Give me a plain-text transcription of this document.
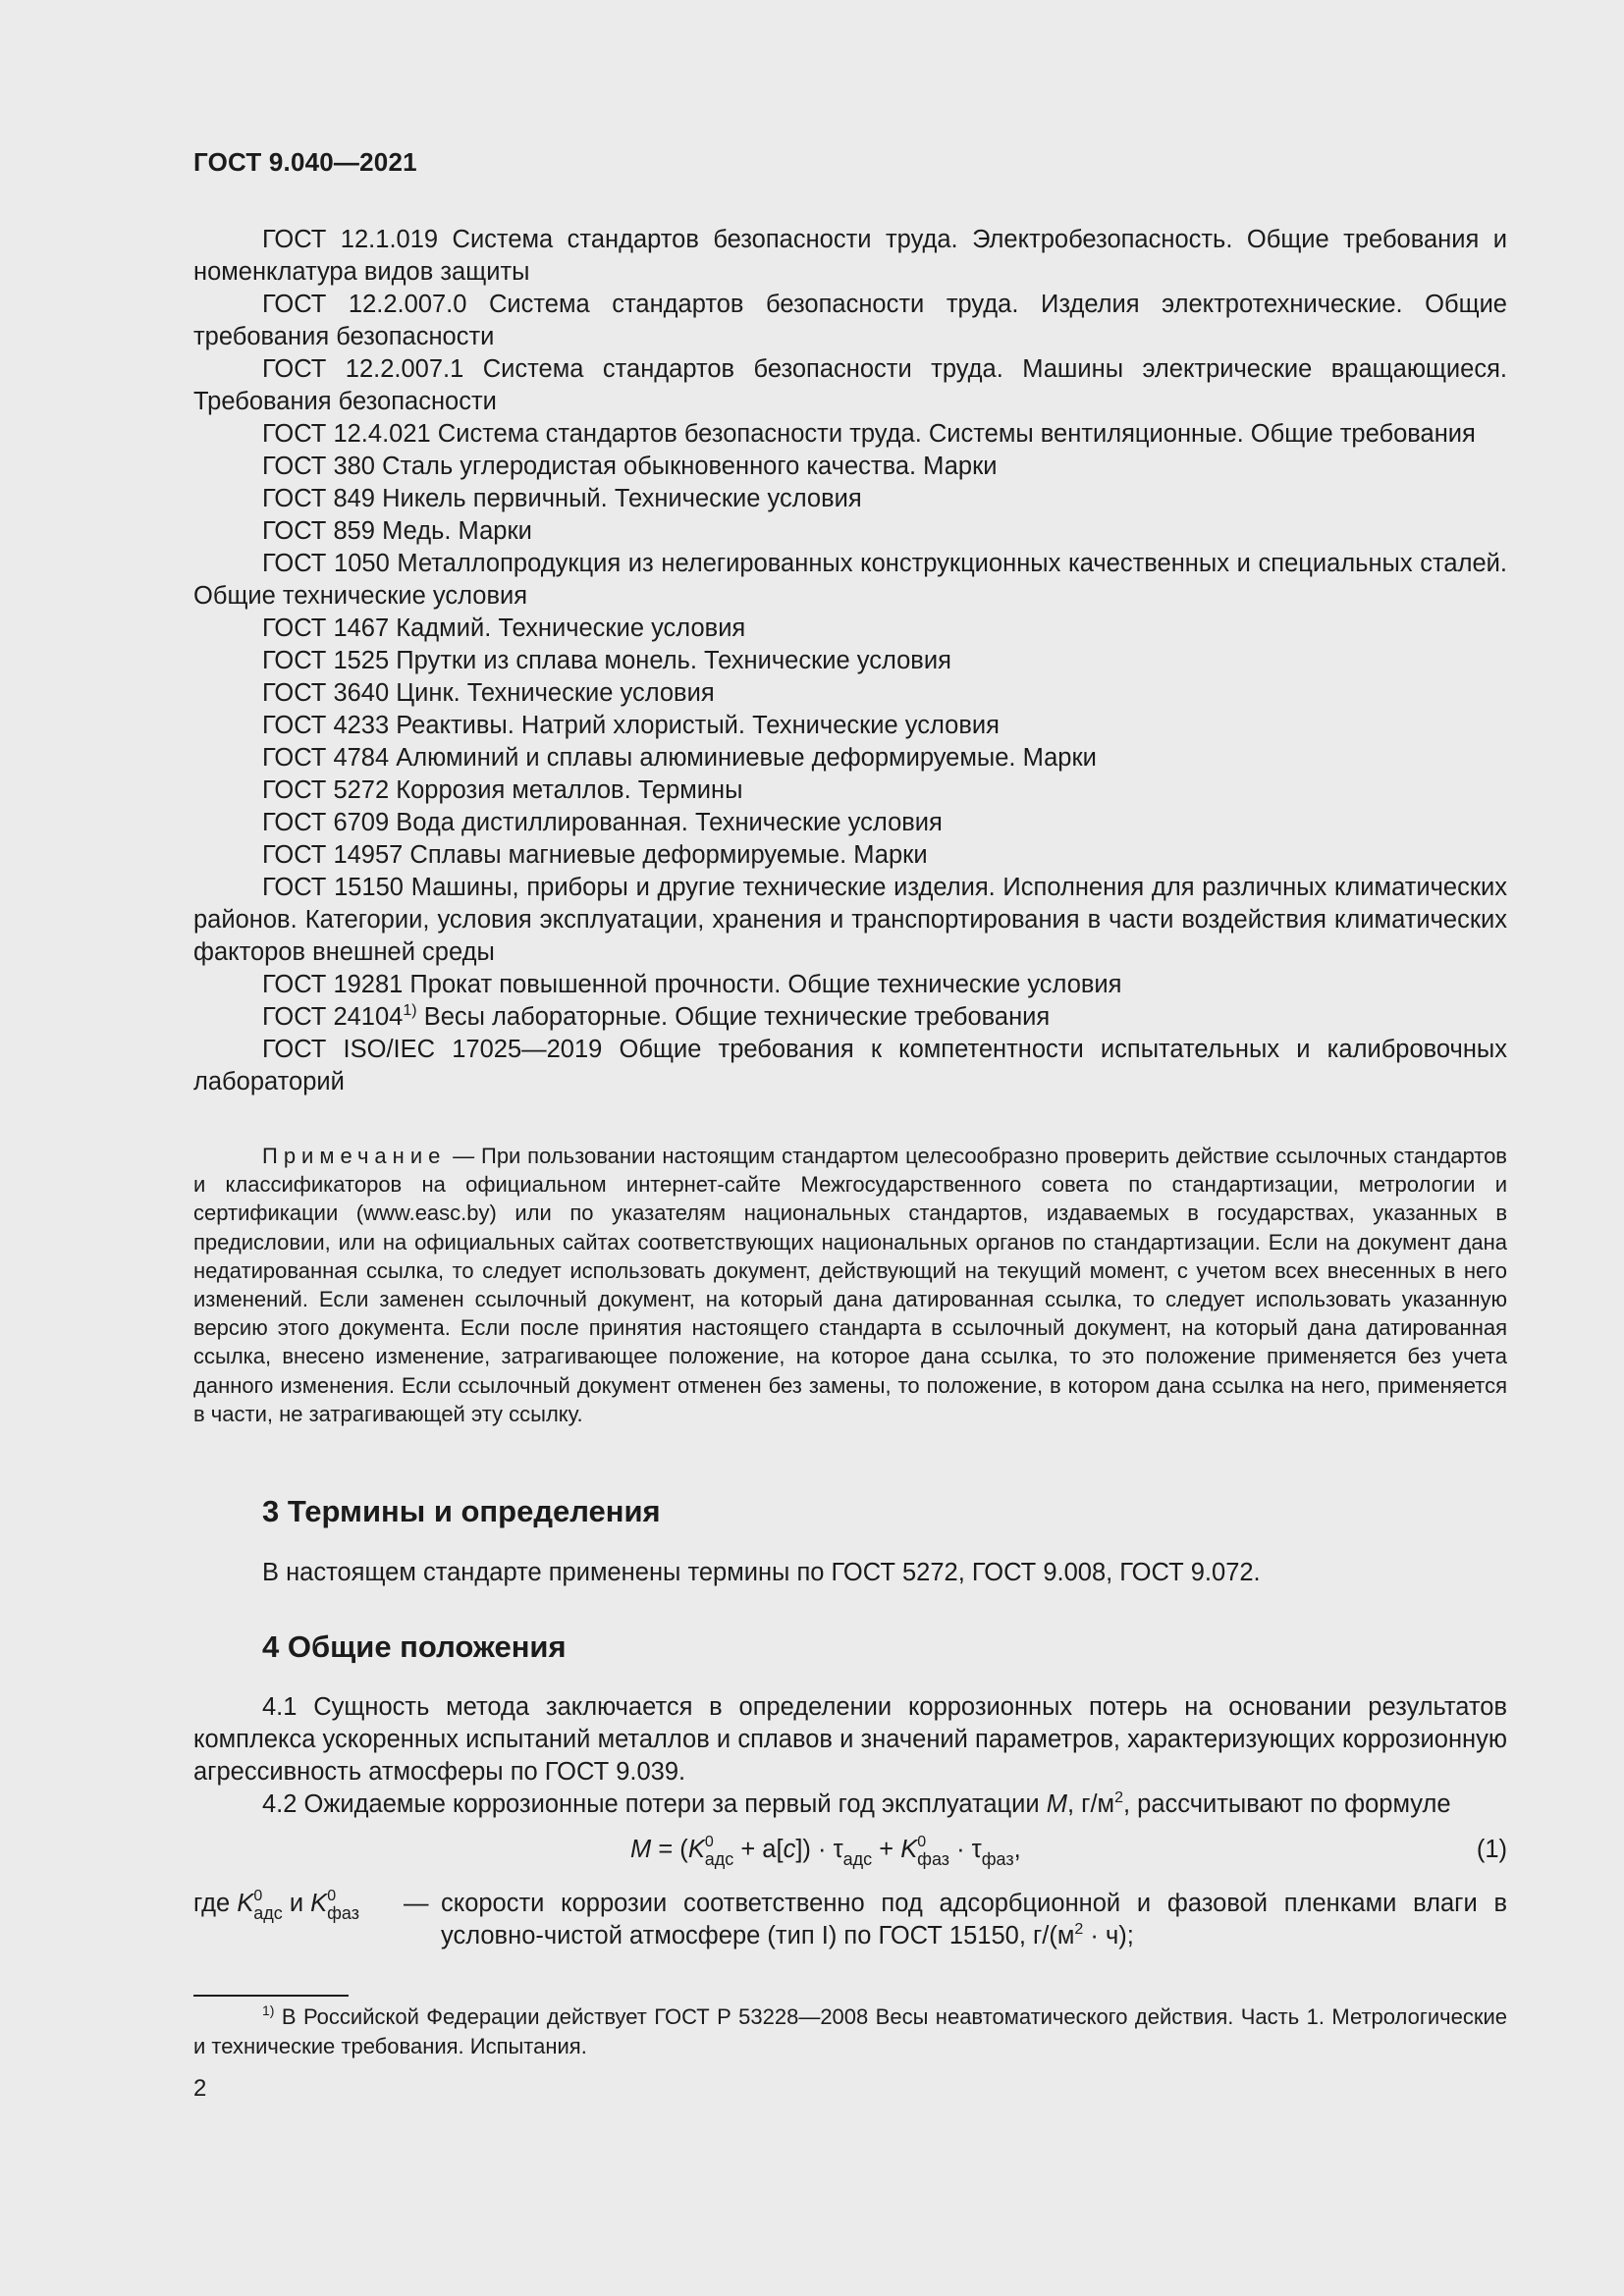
ГОСТ 9.040—2021

ГОСТ 12.1.019 Система стандартов безопасности труда. Электробезопасность. Общие требования и номенклатура видов защиты

ГОСТ 12.2.007.0 Система стандартов безопасности труда. Изделия электротехнические. Общие требования безопасности

ГОСТ 12.2.007.1 Система стандартов безопасности труда. Машины электрические вращающиеся. Требования безопасности

ГОСТ 12.4.021 Система стандартов безопасности труда. Системы вентиляционные. Общие требования

ГОСТ 380 Сталь углеродистая обыкновенного качества. Марки

ГОСТ 849 Никель первичный. Технические условия

ГОСТ 859 Медь. Марки

ГОСТ 1050 Металлопродукция из нелегированных конструкционных качественных и специальных сталей. Общие технические условия

ГОСТ 1467 Кадмий. Технические условия

ГОСТ 1525 Прутки из сплава монель. Технические условия

ГОСТ 3640 Цинк. Технические условия

ГОСТ 4233 Реактивы. Натрий хлористый. Технические условия

ГОСТ 4784 Алюминий и сплавы алюминиевые деформируемые. Марки

ГОСТ 5272 Коррозия металлов. Термины

ГОСТ 6709 Вода дистиллированная. Технические условия

ГОСТ 14957 Сплавы магниевые деформируемые. Марки

ГОСТ 15150 Машины, приборы и другие технические изделия. Исполнения для различных климатических районов. Категории, условия эксплуатации, хранения и транспортирования в части воздействия климатических факторов внешней среды

ГОСТ 19281 Прокат повышенной прочности. Общие технические условия

ГОСТ 24104$^{1)}$ Весы лабораторные. Общие технические требования

ГОСТ ISO/IEC 17025—2019 Общие требования к компетентности испытательных и калибровочных лабораторий

Примечание — При пользовании настоящим стандартом целесообразно проверить действие ссылочных стандартов и классификаторов на официальном интернет-сайте Межгосударственного совета по стандартизации, метрологии и сертификации (www.easc.by) или по указателям национальных стандартов, издаваемых в государствах, указанных в предисловии, или на официальных сайтах соответствующих национальных органов по стандартизации. Если на документ дана недатированная ссылка, то следует использовать документ, действующий на текущий момент, с учетом всех внесенных в него изменений. Если заменен ссылочный документ, на который дана датированная ссылка, то следует использовать указанную версию этого документа. Если после принятия настоящего стандарта в ссылочный документ, на который дана датированная ссылка, внесено изменение, затрагивающее положение, на которое дана ссылка, то это положение применяется без учета данного изменения. Если ссылочный документ отменен без замены, то положение, в котором дана ссылка на него, применяется в части, не затрагивающей эту ссылку.

3 Термины и определения

В настоящем стандарте применены термины по ГОСТ 5272, ГОСТ 9.008, ГОСТ 9.072.

4 Общие положения

4.1 Сущность метода заключается в определении коррозионных потерь на основании результатов комплекса ускоренных испытаний металлов и сплавов и значений параметров, характеризующих коррозионную агрессивность атмосферы по ГОСТ 9.039.

4.2 Ожидаемые коррозионные потери за первый год эксплуатации M, $г/м^2$, рассчитывают по формуле

$M = (K^0_{адс} + a[c]) \cdot \tau_{адс} + K^0_{фаз} \cdot \tau_{фаз}$,	(1)
где $K^0_{адс}$ и $K^0_{фаз}$ — скорости коррозии соответственно под адсорбционной и фазовой пленками влаги в условно-чистой атмосфере (тип I) по ГОСТ 15150, $г/(м^2 \cdot ч)$;

$^{1)}$ В Российской Федерации действует ГОСТ Р 53228—2008 Весы неавтоматического действия. Часть 1. Метрологические и технические требования. Испытания.

2
